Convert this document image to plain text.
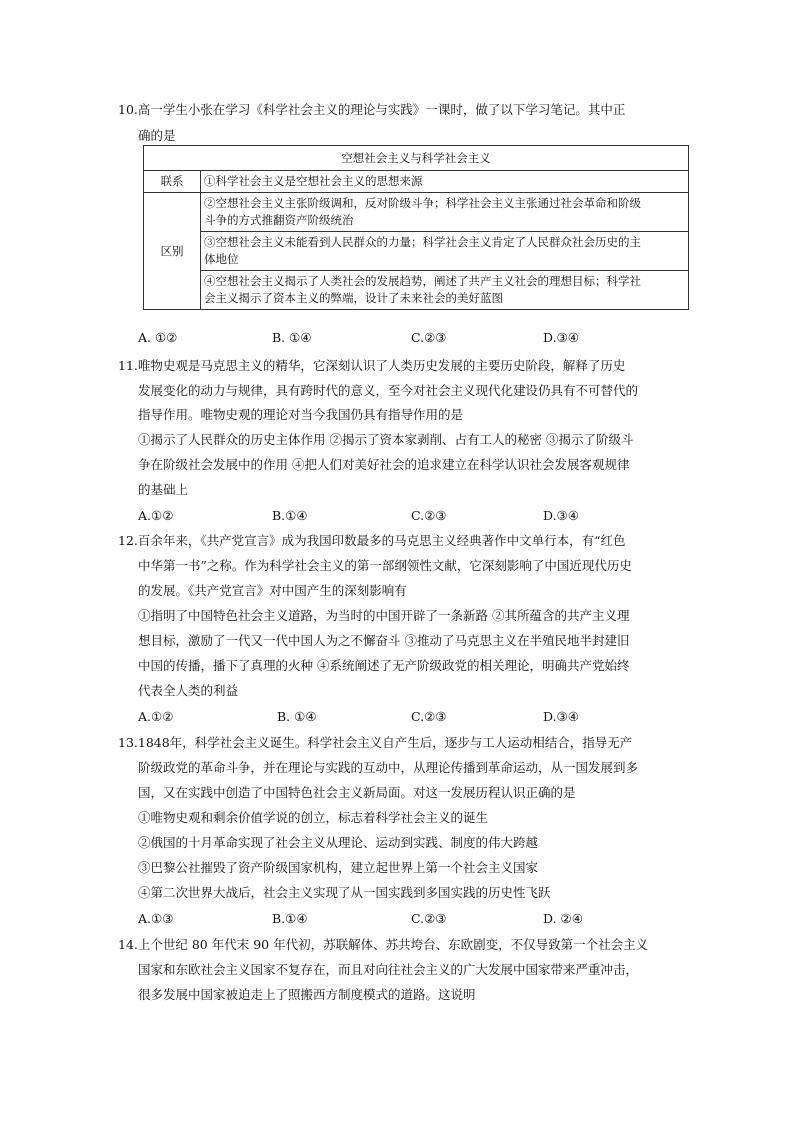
10.高一学生小张在学习《科学社会主义的理论与实践》一课时，做了以下学习笔记。其中正
确的是
空想社会主义与科学社会主义	
联系	①科学社会主义是空想社会主义的思想来源
区别	②空想社会主义主张阶级调和，反对阶级斗争；科学社会主义主张通过社会革命和阶级
斗争的方式推翻资产阶级统治

	③空想社会主义未能看到人民群众的力量；科学社会主义肯定了人民群众社会历史的主
体地位

	④空想社会主义揭示了人类社会的发展趋势，阐述了共产主义社会的理想目标；科学社
会主义揭示了资本主义的弊端，设计了未来社会的美好蓝图
A. ①②	B. ①④	C.②③	D.③④
11.唯物史观是马克思主义的精华，它深刻认识了人类历史发展的主要历史阶段，解释了历史
发展变化的动力与规律，具有跨时代的意义，至今对社会主义现代化建设仍具有不可替代的
指导作用。唯物史观的理论对当今我国仍具有指导作用的是
①揭示了人民群众的历史主体作用 ②揭示了资本家剥削、占有工人的秘密 ③揭示了阶级斗
争在阶级社会发展中的作用 ④把人们对美好社会的追求建立在科学认识社会发展客观规律
的基础上
A.①②	B.①④	C.②③	D.③④
12.百余年来，《共产党宣言》成为我国印数最多的马克思主义经典著作中文单行本，有“红色
中华第一书”之称。作为科学社会主义的第一部纲领性文献，它深刻影响了中国近现代历史
的发展。《共产党宣言》对中国产生的深刻影响有
①指明了中国特色社会主义道路，为当时的中国开辟了一条新路 ②其所蕴含的共产主义理
想目标，激励了一代又一代中国人为之不懈奋斗 ③推动了马克思主义在半殖民地半封建旧
中国的传播，播下了真理的火种 ④系统阐述了无产阶级政党的相关理论，明确共产党始终
代表全人类的利益
A.①②	B. ①④	C.②③	D.③④
13.1848年，科学社会主义诞生。科学社会主义自产生后，逐步与工人运动相结合，指导无产
阶级政党的革命斗争，并在理论与实践的互动中，从理论传播到革命运动，从一国发展到多
国，又在实践中创造了中国特色社会主义新局面。对这一发展历程认识正确的是
①唯物史观和剩余价值学说的创立，标志着科学社会主义的诞生
②俄国的十月革命实现了社会主义从理论、运动到实践、制度的伟大跨越
③巴黎公社摧毁了资产阶级国家机构，建立起世界上第一个社会主义国家
④第二次世界大战后，社会主义实现了从一国实践到多国实践的历史性飞跃
A.①③	B.①④	C.②③	D. ②④
14.上个世纪 80 年代末 90 年代初，苏联解体、苏共垮台、东欧剧变，不仅导致第一个社会主义
国家和东欧社会主义国家不复存在，而且对向往社会主义的广大发展中国家带来严重冲击，
很多发展中国家被迫走上了照搬西方制度模式的道路。这说明
